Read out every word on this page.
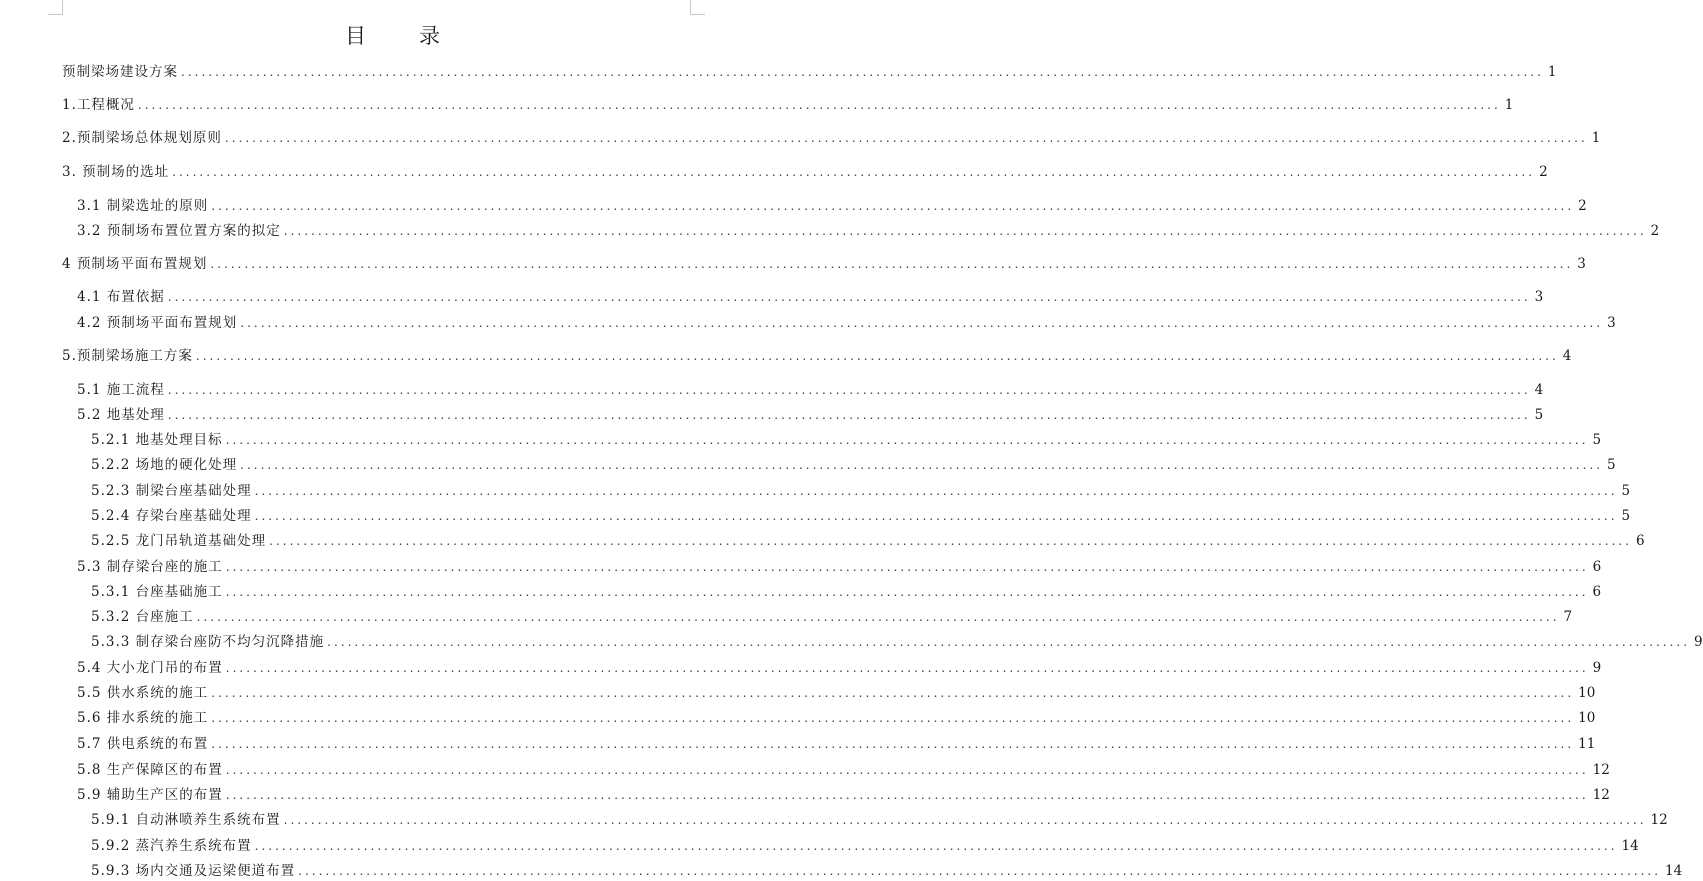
目	录
预制梁场建设方案 ........................................................................................................................................................................................................ 1
1.工程概况 ........................................................................................................................................................................................................ 1
2.预制梁场总体规划原则 ........................................................................................................................................................................................................ 1
3. 预制场的选址 ........................................................................................................................................................................................................ 2
3.1 制梁选址的原则 ........................................................................................................................................................................................................ 2
3.2 预制场布置位置方案的拟定 ........................................................................................................................................................................................................ 2
4 预制场平面布置规划 ........................................................................................................................................................................................................ 3
4.1 布置依据 ........................................................................................................................................................................................................ 3
4.2 预制场平面布置规划 ........................................................................................................................................................................................................ 3
5.预制梁场施工方案 ........................................................................................................................................................................................................ 4
5.1 施工流程 ........................................................................................................................................................................................................ 4
5.2 地基处理 ........................................................................................................................................................................................................ 5
5.2.1 地基处理目标 ........................................................................................................................................................................................................ 5
5.2.2 场地的硬化处理 ........................................................................................................................................................................................................ 5
5.2.3 制梁台座基础处理 ........................................................................................................................................................................................................ 5
5.2.4 存梁台座基础处理 ........................................................................................................................................................................................................ 5
5.2.5 龙门吊轨道基础处理 ........................................................................................................................................................................................................ 6
5.3 制存梁台座的施工 ........................................................................................................................................................................................................ 6
5.3.1 台座基础施工 ........................................................................................................................................................................................................ 6
5.3.2 台座施工 ........................................................................................................................................................................................................ 7
5.3.3 制存梁台座防不均匀沉降措施 ........................................................................................................................................................................................................ 9
5.4 大小龙门吊的布置 ........................................................................................................................................................................................................ 9
5.5 供水系统的施工 ........................................................................................................................................................................................................ 10
5.6 排水系统的施工 ........................................................................................................................................................................................................ 10
5.7 供电系统的布置 ........................................................................................................................................................................................................ 11
5.8 生产保障区的布置 ........................................................................................................................................................................................................ 12
5.9 辅助生产区的布置 ........................................................................................................................................................................................................ 12
5.9.1 自动淋喷养生系统布置 ........................................................................................................................................................................................................ 12
5.9.2 蒸汽养生系统布置 ........................................................................................................................................................................................................ 14
5.9.3 场内交通及运梁便道布置 ........................................................................................................................................................................................................ 14
